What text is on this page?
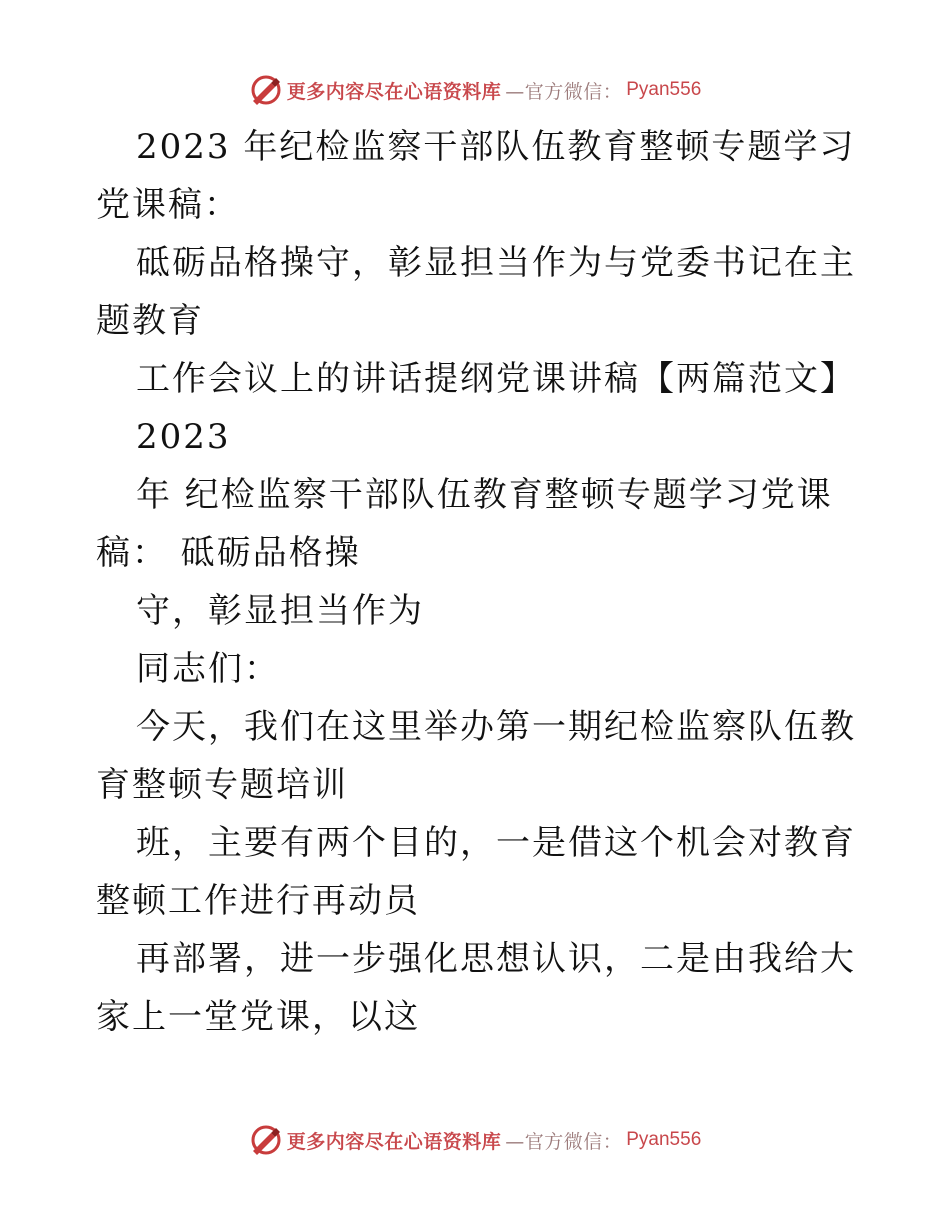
更多内容尽在心语资料库 —官方微信： Pyan556

2023 年纪检监察干部队伍教育整顿专题学习党课稿：

砥砺品格操守，彰显担当作为与党委书记在主题教育

工作会议上的讲话提纲党课讲稿【两篇范文】

2023

年 纪检监察干部队伍教育整顿专题学习党课 稿： 砥砺品格操

守，彰显担当作为

同志们：

今天，我们在这里举办第一期纪检监察队伍教育整顿专题培训

班，主要有两个目的，一是借这个机会对教育整顿工作进行再动员

再部署，进一步强化思想认识，二是由我给大家上一堂党课，以这

更多内容尽在心语资料库 —官方微信： Pyan556
